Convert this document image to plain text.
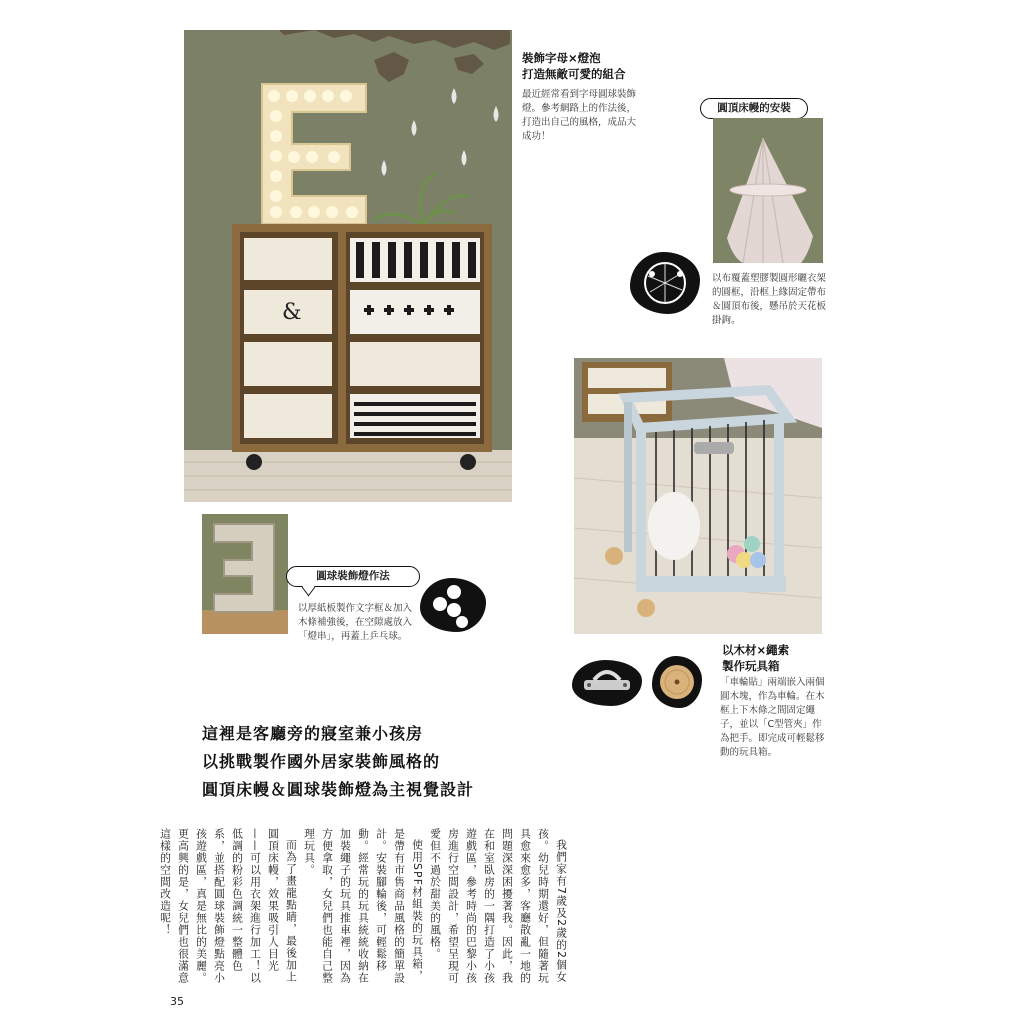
&
裝飾字母×燈泡
打造無敵可愛的組合
最近經常看到字母圓球裝飾燈。參考網路上的作法後，打造出自己的風格，成品大成功！
圓頂床幔的安裝
以布覆蓋塑膠製圓形曬衣架的圓框，沿框上緣固定帶布＆圓頂布後，懸吊於天花板掛鉤。
圓球裝飾燈作法
以厚紙板製作文字框＆加入木條補強後，在空隙處放入「燈串」，再蓋上乒乓球。
以木材×繩索
製作玩具箱
「車輪貼」兩端嵌入兩個圓木塊，作為車輪。在木框上下木條之間固定繩子，並以「C型管夾」作為把手。即完成可輕鬆移動的玩具箱。
這裡是客廳旁的寢室兼小孩房
以挑戰製作國外居家裝飾風格的
圓頂床幔＆圓球裝飾燈為主視覺設計

我們家有7歲及2歲的2個女孩。幼兒時期還好，但隨著玩具愈來愈多，客廳散亂一地的問題深深困擾著我。因此，我在和室臥房的一隅打造了小孩遊戲區，參考時尚的巴黎小孩房進行空間設計，希望呈現可愛但不過於甜美的風格。

使用SPF材組裝的玩具箱，是帶有市售商品風格的簡單設計。安裝腳輪後，可輕鬆移動。經常玩的玩具統統收納在加裝繩子的玩具推車裡，因為方便拿取，女兒們也能自己整理玩具。

而為了畫龍點睛，最後加上圓頂床幔，效果吸引人目光——可以用衣架進行加工！以低調的粉彩色調統一整體色系，並搭配圓球裝飾燈點亮小孩遊戲區，真是無比的美麗。更高興的是，女兒們也很滿意這樣的空間改造呢！

35
